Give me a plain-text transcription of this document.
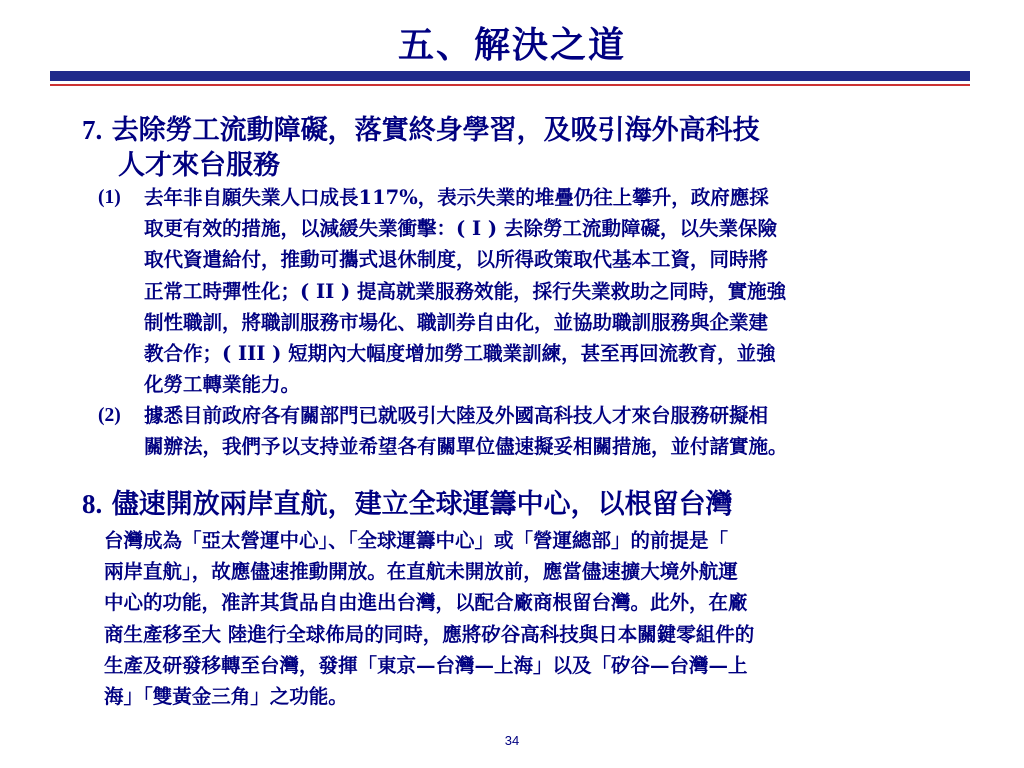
五、解決之道
7. 去除勞工流動障礙，落實終身學習，及吸引海外高科技
人才來台服務
(1) 去年非自願失業人口成長117%，表示失業的堆疊仍往上攀升，政府應採
取更有效的措施，以減緩失業衝擊：( I ) 去除勞工流動障礙，以失業保險
取代資遣給付，推動可攜式退休制度，以所得政策取代基本工資，同時將
正常工時彈性化；( II ) 提高就業服務效能，採行失業救助之同時，實施強
制性職訓，將職訓服務市場化、職訓券自由化，並協助職訓服務與企業建
教合作；( III ) 短期內大幅度增加勞工職業訓練，甚至再回流教育，並強
化勞工轉業能力。
(2) 據悉目前政府各有關部門已就吸引大陸及外國高科技人才來台服務研擬相
關辦法，我們予以支持並希望各有關單位儘速擬妥相關措施，並付諸實施。
8. 儘速開放兩岸直航，建立全球運籌中心，以根留台灣
台灣成為「亞太營運中心」、「全球運籌中心」或「營運總部」的前提是「
兩岸直航」，故應儘速推動開放。在直航未開放前，應當儘速擴大境外航運
中心的功能，准許其貨品自由進出台灣，以配合廠商根留台灣。此外，在廠
商生產移至大 陸進行全球佈局的同時，應將矽谷高科技與日本關鍵零組件的
生產及研發移轉至台灣，發揮「東京—台灣—上海」以及「矽谷—台灣—上
海」「雙黃金三角」之功能。
34
